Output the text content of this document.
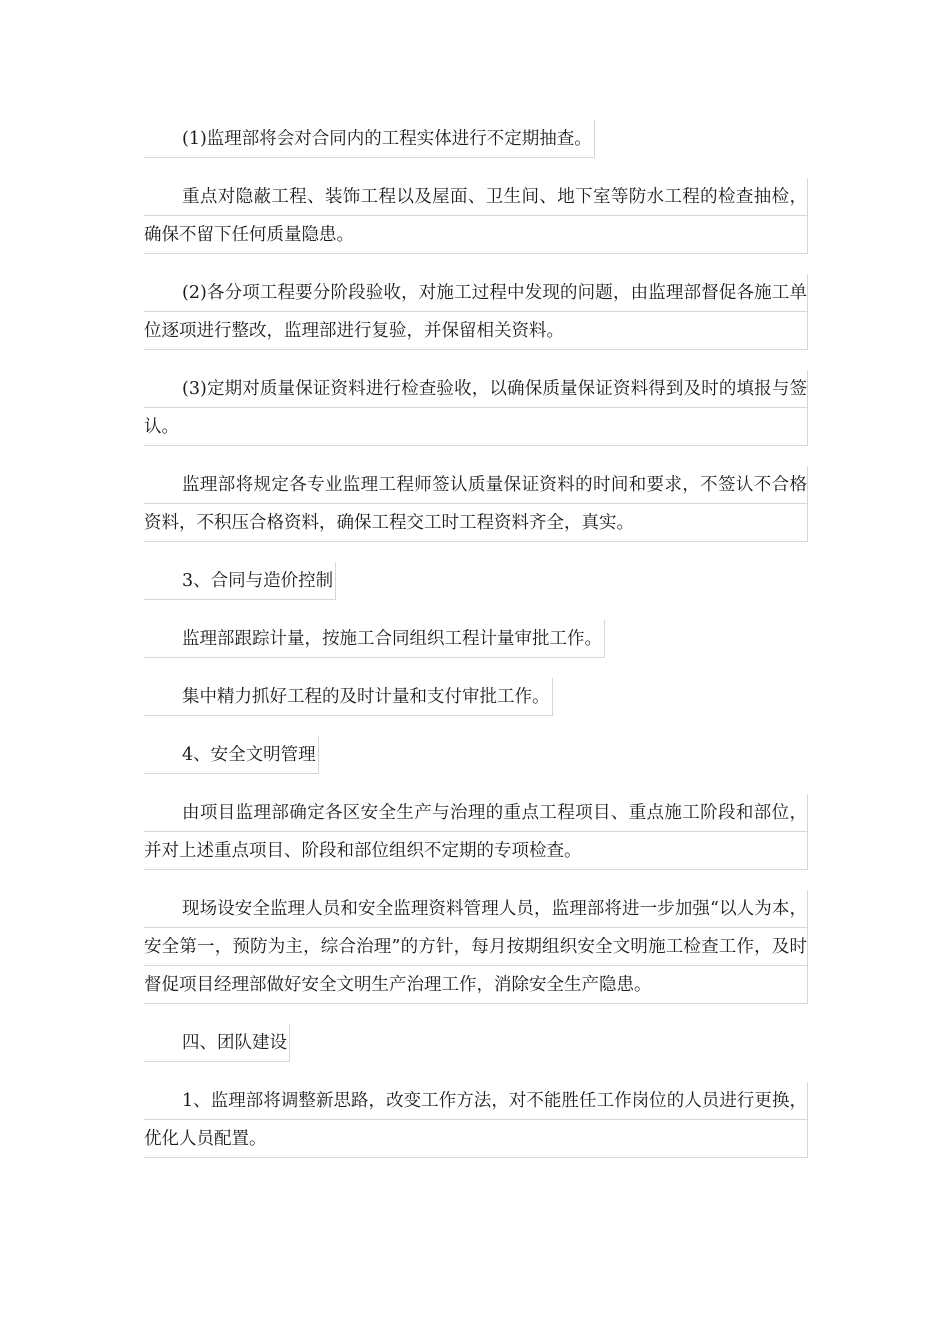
(1)监理部将会对合同内的工程实体进行不定期抽查。

重点对隐蔽工程、装饰工程以及屋面、卫生间、地下室等防水工程的检查抽检，确保不留下任何质量隐患。

(2)各分项工程要分阶段验收，对施工过程中发现的问题，由监理部督促各施工单位逐项进行整改，监理部进行复验，并保留相关资料。

(3)定期对质量保证资料进行检查验收，以确保质量保证资料得到及时的填报与签认。

监理部将规定各专业监理工程师签认质量保证资料的时间和要求，不签认不合格资料，不积压合格资料，确保工程交工时工程资料齐全，真实。

3、合同与造价控制

监理部跟踪计量，按施工合同组织工程计量审批工作。

集中精力抓好工程的及时计量和支付审批工作。

4、安全文明管理

由项目监理部确定各区安全生产与治理的重点工程项目、重点施工阶段和部位，并对上述重点项目、阶段和部位组织不定期的专项检查。

现场设安全监理人员和安全监理资料管理人员，监理部将进一步加强“以人为本，安全第一，预防为主，综合治理”的方针，每月按期组织安全文明施工检查工作，及时督促项目经理部做好安全文明生产治理工作，消除安全生产隐患。

四、团队建设

1、监理部将调整新思路，改变工作方法，对不能胜任工作岗位的人员进行更换，优化人员配置。
